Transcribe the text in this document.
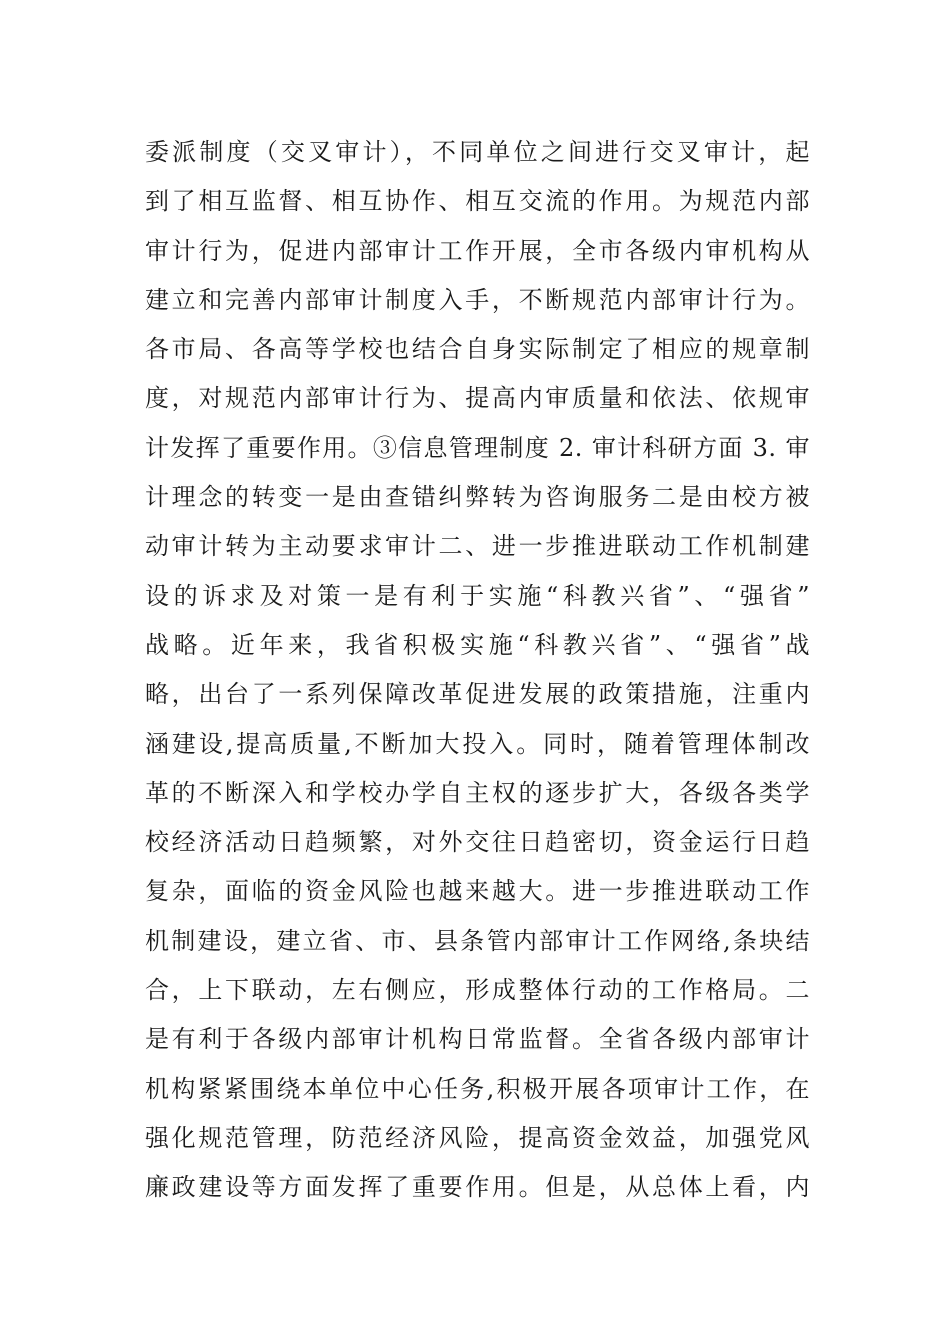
委派制度（交叉审计），不同单位之间进行交叉审计，起
到了相互监督、相互协作、相互交流的作用。为规范内部
审计行为，促进内部审计工作开展，全市各级内审机构从
建立和完善内部审计制度入手，不断规范内部审计行为。
各市局、各高等学校也结合自身实际制定了相应的规章制
度，对规范内部审计行为、提高内审质量和依法、依规审
计发挥了重要作用。③信息管理制度 2. 审计科研方面 3. 审
计理念的转变一是由查错纠弊转为咨询服务二是由校方被
动审计转为主动要求审计二、进一步推进联动工作机制建
设的诉求及对策一是有利于实施“科教兴省”、“强省”
战略。近年来，我省积极实施“科教兴省”、“强省”战
略，出台了一系列保障改革促进发展的政策措施，注重内
涵建设,提高质量,不断加大投入。同时，随着管理体制改
革的不断深入和学校办学自主权的逐步扩大，各级各类学
校经济活动日趋频繁，对外交往日趋密切，资金运行日趋
复杂，面临的资金风险也越来越大。进一步推进联动工作
机制建设，建立省、市、县条管内部审计工作网络,条块结
合，上下联动，左右侧应，形成整体行动的工作格局。二
是有利于各级内部审计机构日常监督。全省各级内部审计
机构紧紧围绕本单位中心任务,积极开展各项审计工作，在
强化规范管理，防范经济风险，提高资金效益，加强党风
廉政建设等方面发挥了重要作用。但是，从总体上看，内
